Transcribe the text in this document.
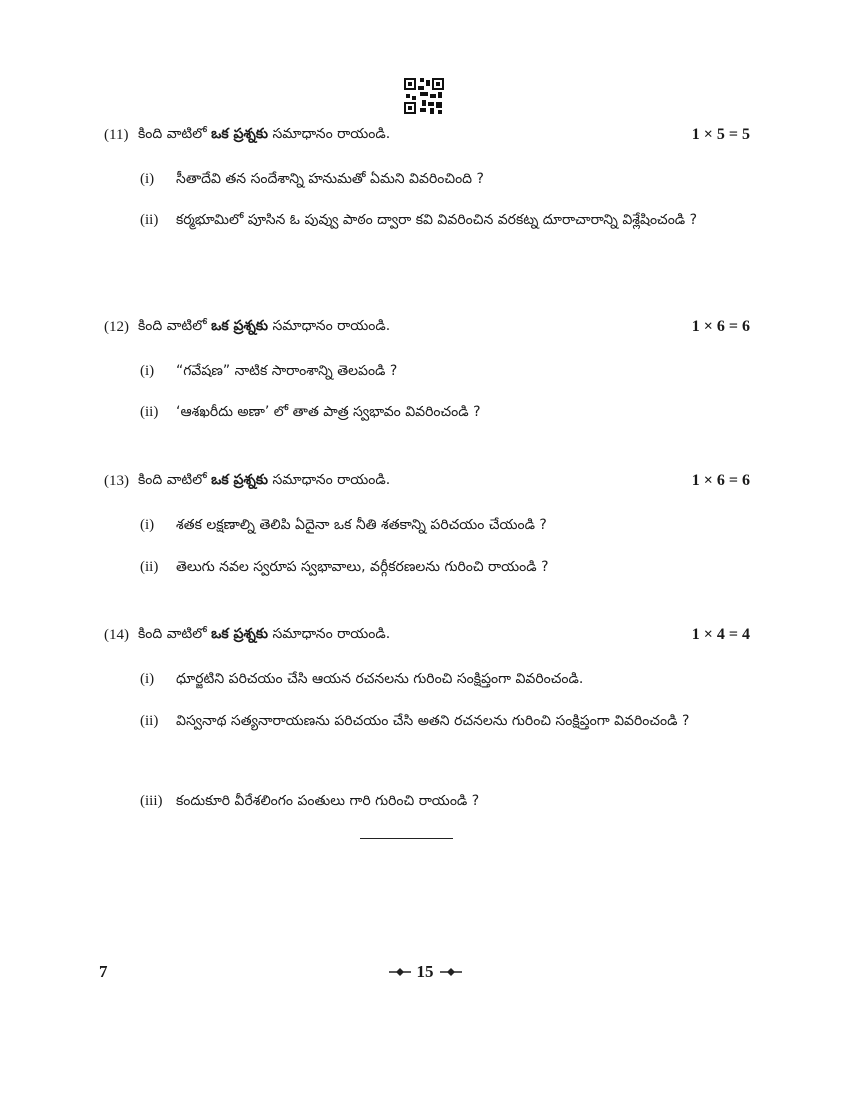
(11) కింది వాటిలో ఒక ప్రశ్నకు సమాధానం రాయండి.	1 × 5 = 5
(i)	సీతాదేవి తన సందేశాన్ని హనుమతో ఏమని వివరించింది ?
(ii)	కర్మభూమిలో పూసిన ఓ పువ్వు పాఠం ద్వారా కవి వివరించిన వరకట్న దూరాచారాన్ని విశ్లేషించండి ?
(12) కింది వాటిలో ఒక ప్రశ్నకు సమాధానం రాయండి.	1 × 6 = 6
(i)	“గవేషణ” నాటిక సారాంశాన్ని తెలపండి ?
(ii)	‘ఆశఖరీదు అణా’ లో తాత పాత్ర స్వభావం వివరించండి ?
(13) కింది వాటిలో ఒక ప్రశ్నకు సమాధానం రాయండి.	1 × 6 = 6
(i)	శతక లక్షణాల్ని తెలిపి ఏదైనా ఒక నీతి శతకాన్ని పరిచయం చేయండి ?
(ii)	తెలుగు నవల స్వరూప స్వభావాలు, వర్గీకరణలను గురించి రాయండి ?
(14) కింది వాటిలో ఒక ప్రశ్నకు సమాధానం రాయండి.	1 × 4 = 4
(i)	ధూర్జటిని పరిచయం చేసి ఆయన రచనలను గురించి సంక్షిప్తంగా వివరించండి.
(ii)	విస్వనాథ సత్యనారాయణను పరిచయం చేసి అతని రచనలను గురించి సంక్షిప్తంగా వివరించండి ?
(iii) కందుకూరి వీరేశలింగం పంతులు గారి గురించి రాయండి ?
7	15
